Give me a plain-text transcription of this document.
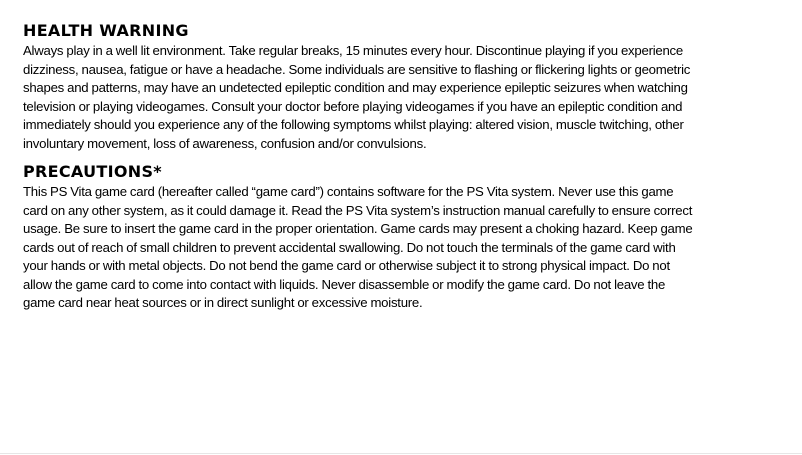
HEALTH WARNING

Always play in a well lit environment. Take regular breaks, 15 minutes every hour. Discontinue playing if you experience
dizziness, nausea, fatigue or have a headache. Some individuals are sensitive to flashing or flickering lights or geometric
shapes and patterns, may have an undetected epileptic condition and may experience epileptic seizures when watching
television or playing videogames. Consult your doctor before playing videogames if you have an epileptic condition and
immediately should you experience any of the following symptoms whilst playing: altered vision, muscle twitching, other
involuntary movement, loss of awareness, confusion and/or convulsions.

PRECAUTIONS*

This PS Vita game card (hereafter called “game card”) contains software for the PS Vita system. Never use this game
card on any other system, as it could damage it. Read the PS Vita system’s instruction manual carefully to ensure correct
usage. Be sure to insert the game card in the proper orientation. Game cards may present a choking hazard. Keep game
cards out of reach of small children to prevent accidental swallowing. Do not touch the terminals of the game card with
your hands or with metal objects. Do not bend the game card or otherwise subject it to strong physical impact. Do not
allow the game card to come into contact with liquids. Never disassemble or modify the game card. Do not leave the
game card near heat sources or in direct sunlight or excessive moisture.
